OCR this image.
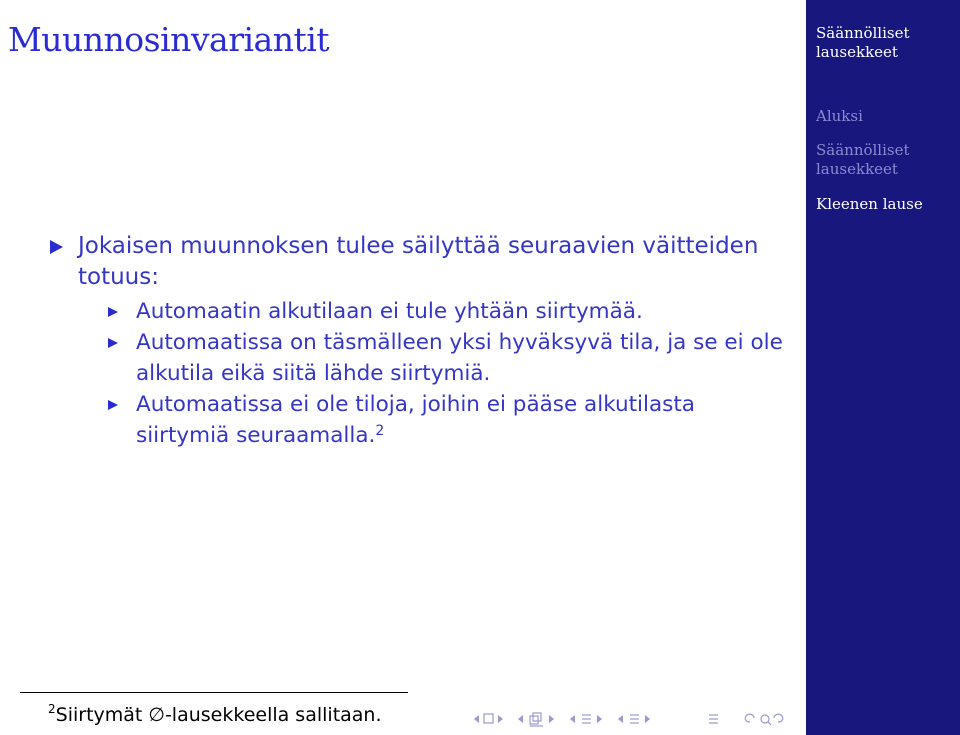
Muunnosinvariantit	Säännölliset lausekkeet
Aluksi
Säännölliset lausekkeet
Kleenen lause
Jokaisen muunnoksen tulee säilyttää seuraavien väitteiden totuus:
Automaatin alkutilaan ei tule yhtään siirtymää.
Automaatissa on täsmälleen yksi hyväksyvä tila, ja se ei ole alkutila eikä siitä lähde siirtymiä.
Automaatissa ei ole tiloja, joihin ei pääse alkutilasta siirtymiä seuraamalla.$^2$
$^2$Siirtymät ∅-lausekkeella sallitaan.
